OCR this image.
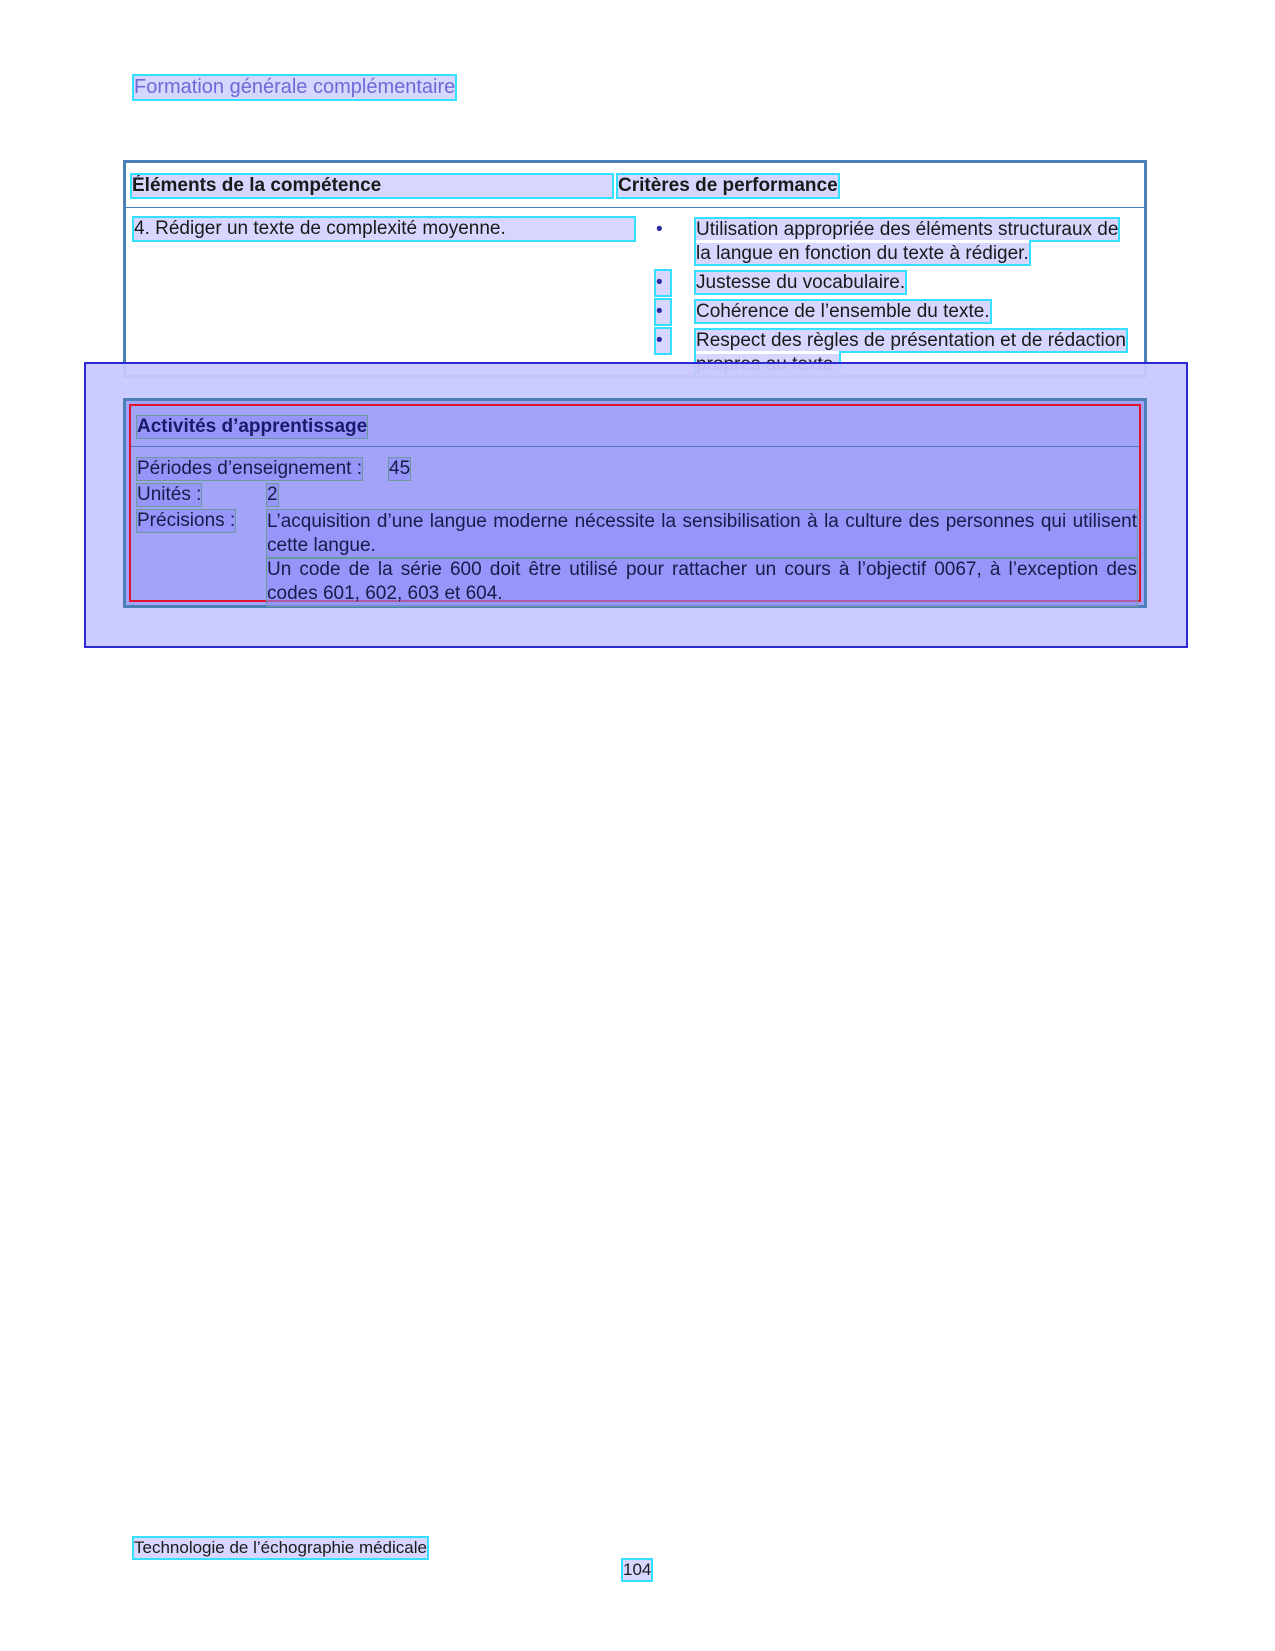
Formation générale complémentaire
Éléments de la compétence	Critères de performance
4. Rédiger un texte de complexité moyenne.	•	Utilisation appropriée des éléments structuraux de la langue en fonction du texte à rédiger.
•	Justesse du vocabulaire.
•	Cohérence de l’ensemble du texte.
•	Respect des règles de présentation et de rédaction
Activités d’apprentissage
Périodes d’enseignement : 45
Unités :	2
Précisions : L’acquisition d’une langue moderne nécessite la sensibilisation à la culture des personnes qui utilisent cette langue.

Un code de la série 600 doit être utilisé pour rattacher un cours à l’objectif 0067, à l’exception des codes 601, 602, 603 et 604.

Technologie de l’échographie médicale
104
